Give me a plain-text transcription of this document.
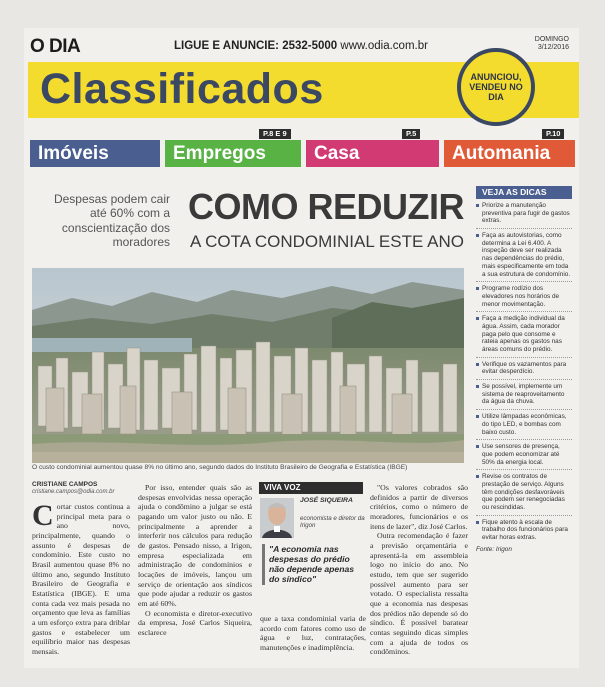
O DIA	LIGUE E ANUNCIE: 2532-5000 www.odia.com.br
DOMINGO
3/12/2016
Classificados	ANUNCIOU, VENDEU NO DIA
P.8 E 9	P.5	P.10
Imóveis	Empregos	Casa	Automania
Despesas podem cair até 60% com a conscientização dos moradores
COMO REDUZIR
A COTA CONDOMINIAL ESTE ANO
O custo condominial aumentou quase 8% no último ano, segundo dados do Instituto Brasileiro de Geografia e Estatística (IBGE)
VEJA AS DICAS
Priorize a manutenção preventiva para fugir de gastos extras.
Faça as autovistorias, como determina a Lei 6.400. A inspeção deve ser realizada nas dependências do prédio, mais especificamente em toda a sua estrutura de condomínio.
Programe rodízio dos elevadores nos horários de menor movimentação.
Faça a medição individual da água. Assim, cada morador paga pelo que consome e rateia apenas os gastos nas áreas comuns do prédio.
Verifique os vazamentos para evitar desperdício.
Se possível, implemente um sistema de reaproveitamento da água da chuva.
Utilize lâmpadas econômicas, do tipo LED, e bombas com baixo custo.
Use sensores de presença, que podem economizar até 50% da energia local.
Revise os contratos de prestação de serviço. Alguns têm condições desfavoráveis que podem ser renegociadas ou rescindidas.
Fique atento à escala de trabalho dos funcionários para evitar horas extras.
Fonte: Irigon
CRISTIANE CAMPOS
cristiane.campos@odia.com.br
Cortar custos continua a principal meta para o ano novo, principalmente, quando o assunto é despesas de condomínio. Este custo no Brasil aumentou quase 8% no último ano, segundo Instituto Brasileiro de Geografia e Estatística (IBGE). E uma conta cada vez mais pesada no orçamento que leva as famílias a um esforço extra para driblar gastos e estabelecer um equilíbrio maior nas despesas mensais.

Por isso, entender quais são as despesas envolvidas nessa operação ajuda o condômino a julgar se está pagando um valor justo ou não. E principalmente a aprender a interferir nos cálculos para redução de gastos. Pensado nisso, a Irigon, empresa especializada em administração de condomínios e locações de imóveis, lançou um serviço de orientação aos síndicos que pode ajudar a reduzir os gastos em até 60%.

O economista e diretor-executivo da empresa, José Carlos Siqueira, esclarece

VIVA VOZ
JOSÉ SIQUEIRA
economista e diretor da Irigon
"A economia nas despesas do prédio não depende apenas do síndico"
que a taxa condominial varia de acordo com fatores como uso de água e luz, contratações, manutenções e inadimplência.

"Os valores cobrados são definidos a partir de diversos critérios, como o número de moradores, funcionários e os itens de lazer", diz José Carlos.

Outra recomendação é fazer a previsão orçamentária e apresentá-la em assembleia logo no início do ano. No estudo, tem que ser sugerido possível aumento para ser votado. O especialista ressalta que a economia nas despesas dos prédios não depende só do síndico. É possível baratear contas seguindo dicas simples com a ajuda de todos os condôminos.
